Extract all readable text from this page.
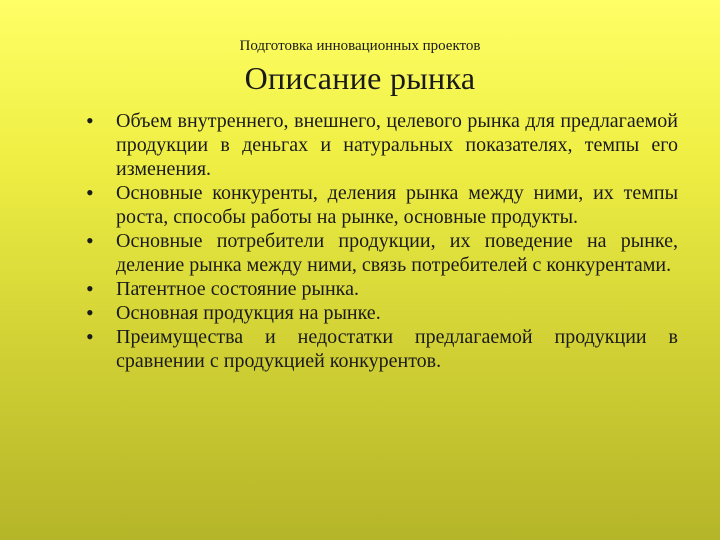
Подготовка инновационных проектов
Описание рынка
•	Объем внутреннего, внешнего, целевого рынка для предлагаемой продукции в деньгах и натуральных показателях, темпы его изменения.
•	Основные конкуренты, деления рынка между ними, их темпы роста, способы работы на рынке, основные продукты.
•	Основные потребители продукции, их поведение на рынке, деление рынка между ними, связь потребителей с конкурентами.
•	Патентное состояние рынка.
•	Основная продукция на рынке.
•	Преимущества и недостатки предлагаемой продукции в сравнении с продукцией конкурентов.
